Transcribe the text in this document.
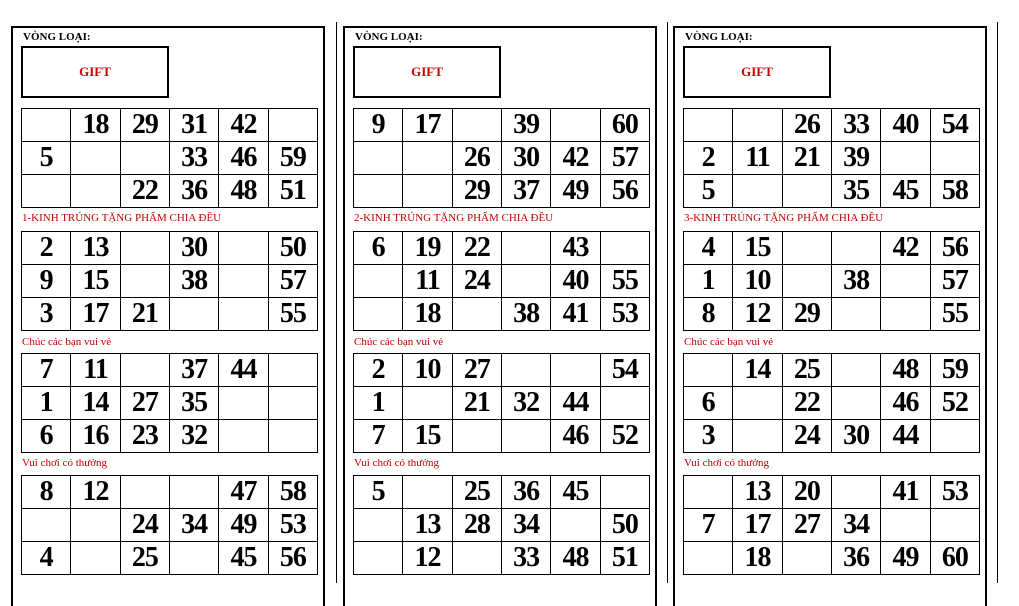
VÒNG LOẠI:
GIFT
	18	29	31	42	
5			33	46	59
		22	36	48	51
2	13		30		50
9	15		38		57
3	17	21			55
7	11		37	44	
1	14	27	35		
6	16	23	32		
8	12			47	58
		24	34	49	53
4		25		45	56
1-KINH TRÚNG TẶNG PHẨM CHIA ĐỀU
Chúc các bạn vui vẻ
Vui chơi có thưởng
VÒNG LOẠI:
GIFT
9	17		39		60
		26	30	42	57
		29	37	49	56
6	19	22		43	
	11	24		40	55
	18		38	41	53
2	10	27			54
1		21	32	44	
7	15			46	52
5		25	36	45	
	13	28	34		50
	12		33	48	51
2-KINH TRÚNG TẶNG PHẨM CHIA ĐỀU
Chúc các bạn vui vẻ
Vui chơi có thưởng
VÒNG LOẠI:
GIFT
		26	33	40	54
2	11	21	39		
5			35	45	58
4	15			42	56
1	10		38		57
8	12	29			55
	14	25		48	59
6		22		46	52
3		24	30	44	
	13	20		41	53
7	17	27	34		
	18		36	49	60
3-KINH TRÚNG TẶNG PHẨM CHIA ĐỀU
Chúc các bạn vui vẻ
Vui chơi có thưởng
